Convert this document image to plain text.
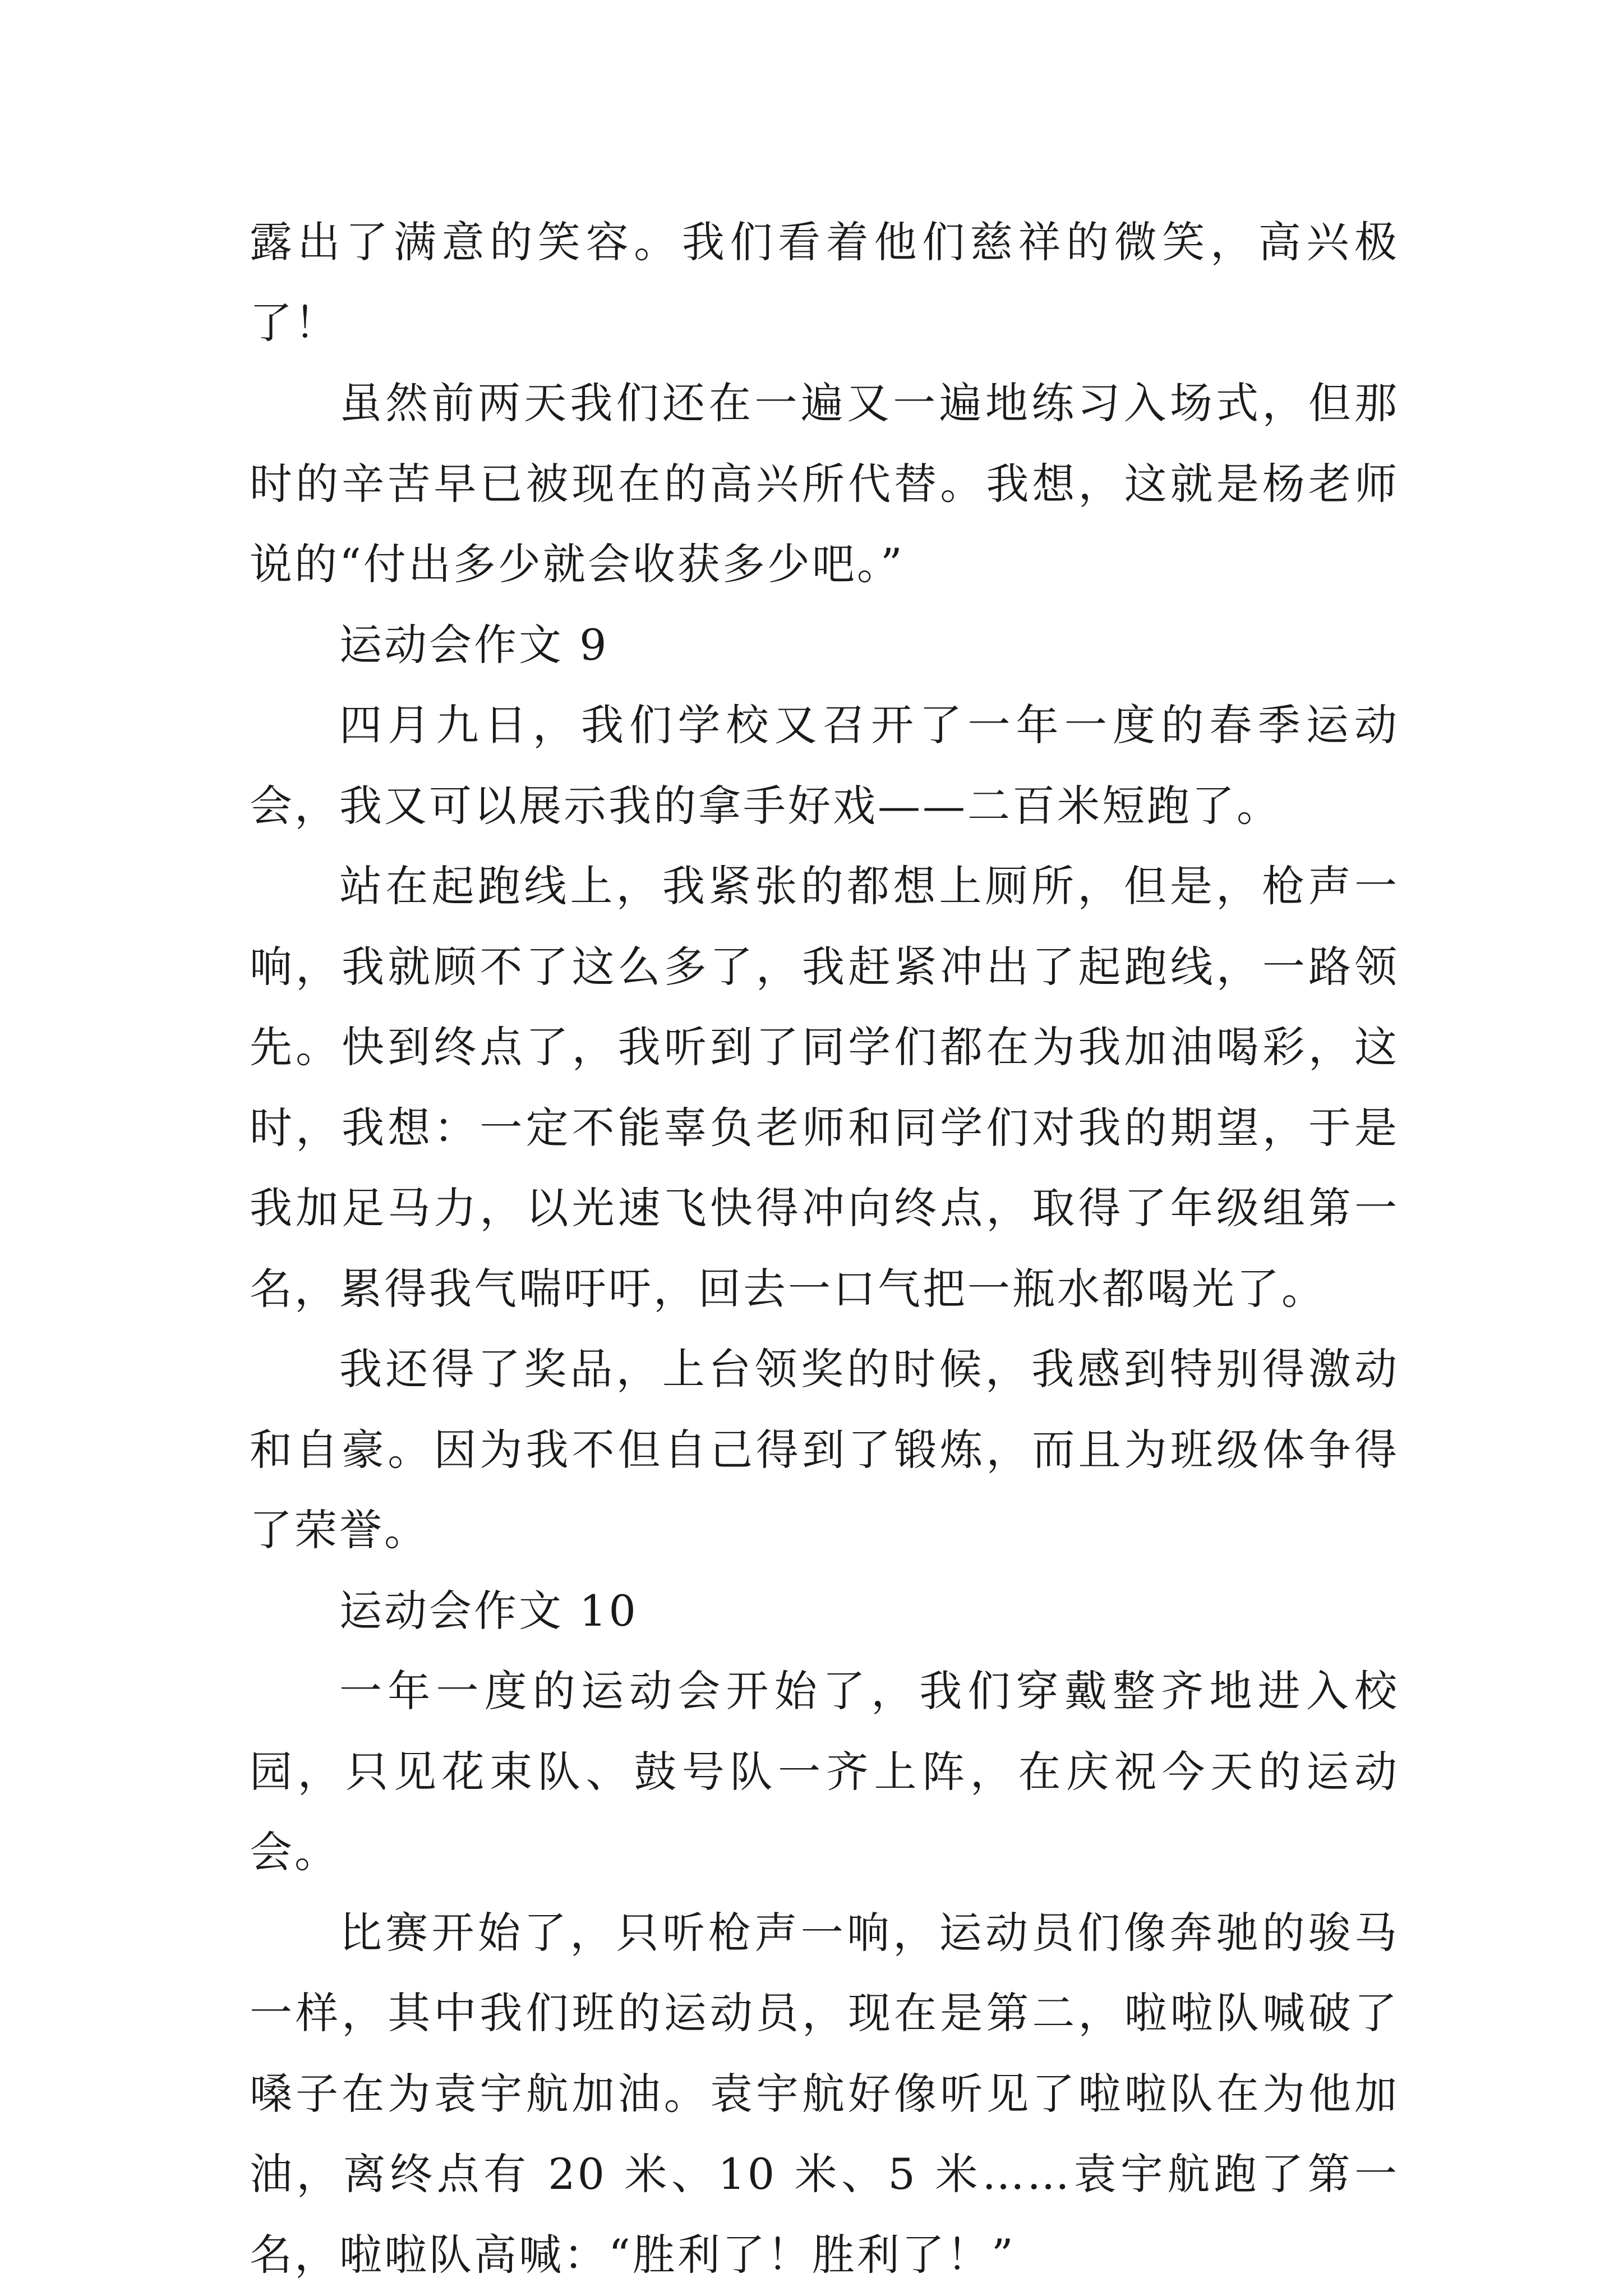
露出了满意的笑容。我们看着他们慈祥的微笑，高兴极了！

虽然前两天我们还在一遍又一遍地练习入场式，但那时的辛苦早已被现在的高兴所代替。我想，这就是杨老师说的“付出多少就会收获多少吧。”

运动会作文 9

四月九日，我们学校又召开了一年一度的春季运动会，我又可以展示我的拿手好戏——二百米短跑了。

站在起跑线上，我紧张的都想上厕所，但是，枪声一响，我就顾不了这么多了，我赶紧冲出了起跑线，一路领先。快到终点了，我听到了同学们都在为我加油喝彩，这时，我想：一定不能辜负老师和同学们对我的期望，于是我加足马力，以光速飞快得冲向终点，取得了年级组第一名，累得我气喘吁吁，回去一口气把一瓶水都喝光了。

我还得了奖品，上台领奖的时候，我感到特别得激动和自豪。因为我不但自己得到了锻炼，而且为班级体争得了荣誉。

运动会作文 10

一年一度的运动会开始了，我们穿戴整齐地进入校园，只见花束队、鼓号队一齐上阵，在庆祝今天的运动会。

比赛开始了，只听枪声一响，运动员们像奔驰的骏马一样，其中我们班的运动员，现在是第二，啦啦队喊破了嗓子在为袁宇航加油。袁宇航好像听见了啦啦队在为他加油，离终点有 20 米、10 米、5 米……袁宇航跑了第一名，啦啦队高喊：“胜利了！胜利了！”
